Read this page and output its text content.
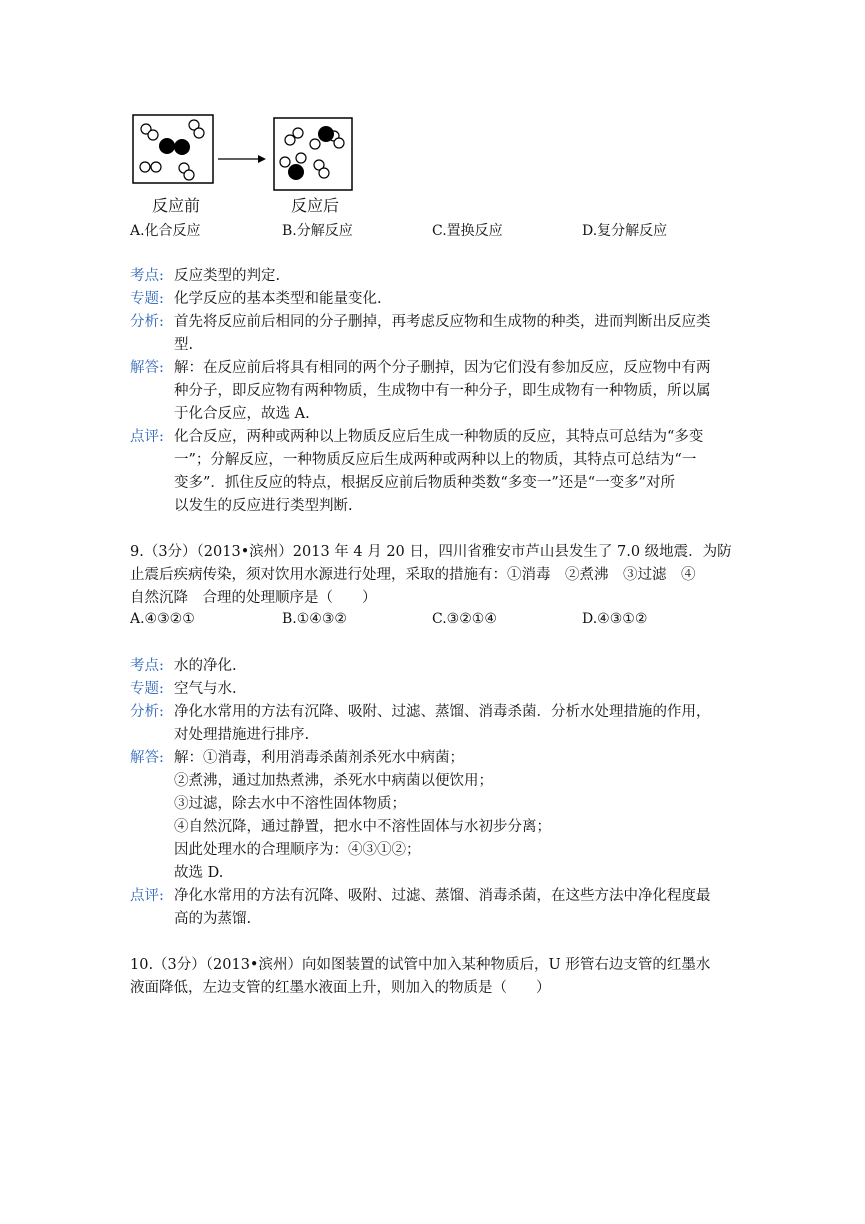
反应前	反应后
A.化合反应	B.分解反应	C.置换反应	D.复分解反应
考点: 反应类型的判定.
专题: 化学反应的基本类型和能量变化.
分析: 首先将反应前后相同的分子删掉，再考虑反应物和生成物的种类，进而判断出反应类
型.
解答: 解：在反应前后将具有相同的两个分子删掉，因为它们没有参加反应，反应物中有两
种分子，即反应物有两种物质，生成物中有一种分子，即生成物有一种物质，所以属
于化合反应，故选 A.
点评: 化合反应，两种或两种以上物质反应后生成一种物质的反应，其特点可总结为“多变
一”；分解反应，一种物质反应后生成两种或两种以上的物质，其特点可总结为“一
变多”．抓住反应的特点，根据反应前后物质种类数“多变一”还是“一变多”对所
以发生的反应进行类型判断.
9.（3分）（2013•滨州）2013 年 4 月 20 日，四川省雅安市芦山县发生了 7.0 级地震．为防
止震后疾病传染，须对饮用水源进行处理，采取的措施有：①消毒　②煮沸　③过滤　④
自然沉降　合理的处理顺序是（　　）
A.④③②①	B.①④③②	C.③②①④	D.④③①②
考点: 水的净化.
专题: 空气与水.
分析: 净化水常用的方法有沉降、吸附、过滤、蒸馏、消毒杀菌．分析水处理措施的作用，
对处理措施进行排序.
解答: 解：①消毒，利用消毒杀菌剂杀死水中病菌；
②煮沸，通过加热煮沸，杀死水中病菌以便饮用；
③过滤，除去水中不溶性固体物质；
④自然沉降，通过静置，把水中不溶性固体与水初步分离；
因此处理水的合理顺序为：④③①②；
故选 D.
点评: 净化水常用的方法有沉降、吸附、过滤、蒸馏、消毒杀菌，在这些方法中净化程度最
高的为蒸馏.
10.（3分）（2013•滨州）向如图装置的试管中加入某种物质后，U 形管右边支管的红墨水
液面降低，左边支管的红墨水液面上升，则加入的物质是（　　）
